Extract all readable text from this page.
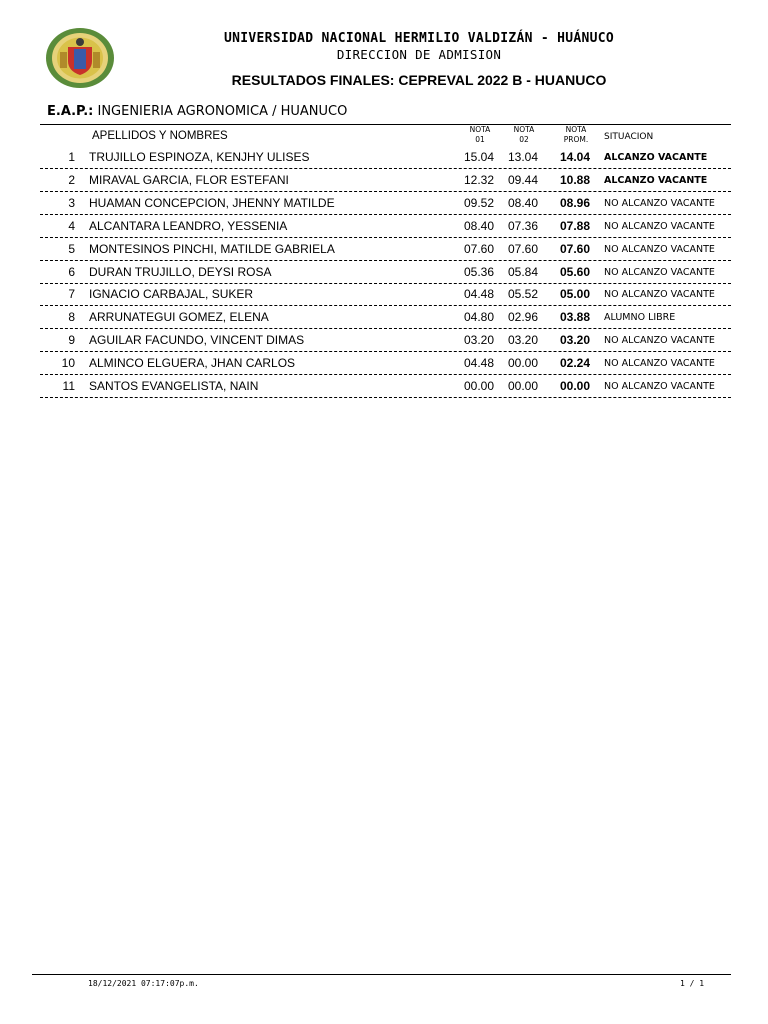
UNIVERSIDAD NACIONAL HERMILIO VALDIZÁN - HUÁNUCO
DIRECCION DE ADMISION
RESULTADOS FINALES: CEPREVAL 2022 B - HUANUCO
E.A.P.: INGENIERIA AGRONOMICA / HUANUCO
APELLIDOS Y NOMBRES
NOTA
01
NOTA
02
NOTA
PROM.	SITUACION
1 TRUJILLO ESPINOZA, KENJHY ULISES	15.04	13.04	14.04 ALCANZO VACANTE
2 MIRAVAL GARCIA, FLOR ESTEFANI	12.32	09.44	10.88 ALCANZO VACANTE
3 HUAMAN CONCEPCION, JHENNY MATILDE	09.52	08.40	08.96 NO ALCANZO VACANTE
4 ALCANTARA LEANDRO, YESSENIA	08.40	07.36	07.88 NO ALCANZO VACANTE
5 MONTESINOS PINCHI, MATILDE GABRIELA	07.60	07.60	07.60 NO ALCANZO VACANTE
6 DURAN TRUJILLO, DEYSI ROSA	05.36	05.84	05.60 NO ALCANZO VACANTE
7 IGNACIO CARBAJAL, SUKER	04.48	05.52	05.00 NO ALCANZO VACANTE
8 ARRUNATEGUI GOMEZ, ELENA	04.80	02.96	03.88 ALUMNO LIBRE
9 AGUILAR FACUNDO, VINCENT DIMAS	03.20	03.20	03.20 NO ALCANZO VACANTE
10 ALMINCO ELGUERA, JHAN CARLOS	04.48	00.00	02.24 NO ALCANZO VACANTE
11 SANTOS EVANGELISTA, NAIN	00.00	00.00	00.00 NO ALCANZO VACANTE
18/12/2021 07:17:07p.m.	1 / 1
